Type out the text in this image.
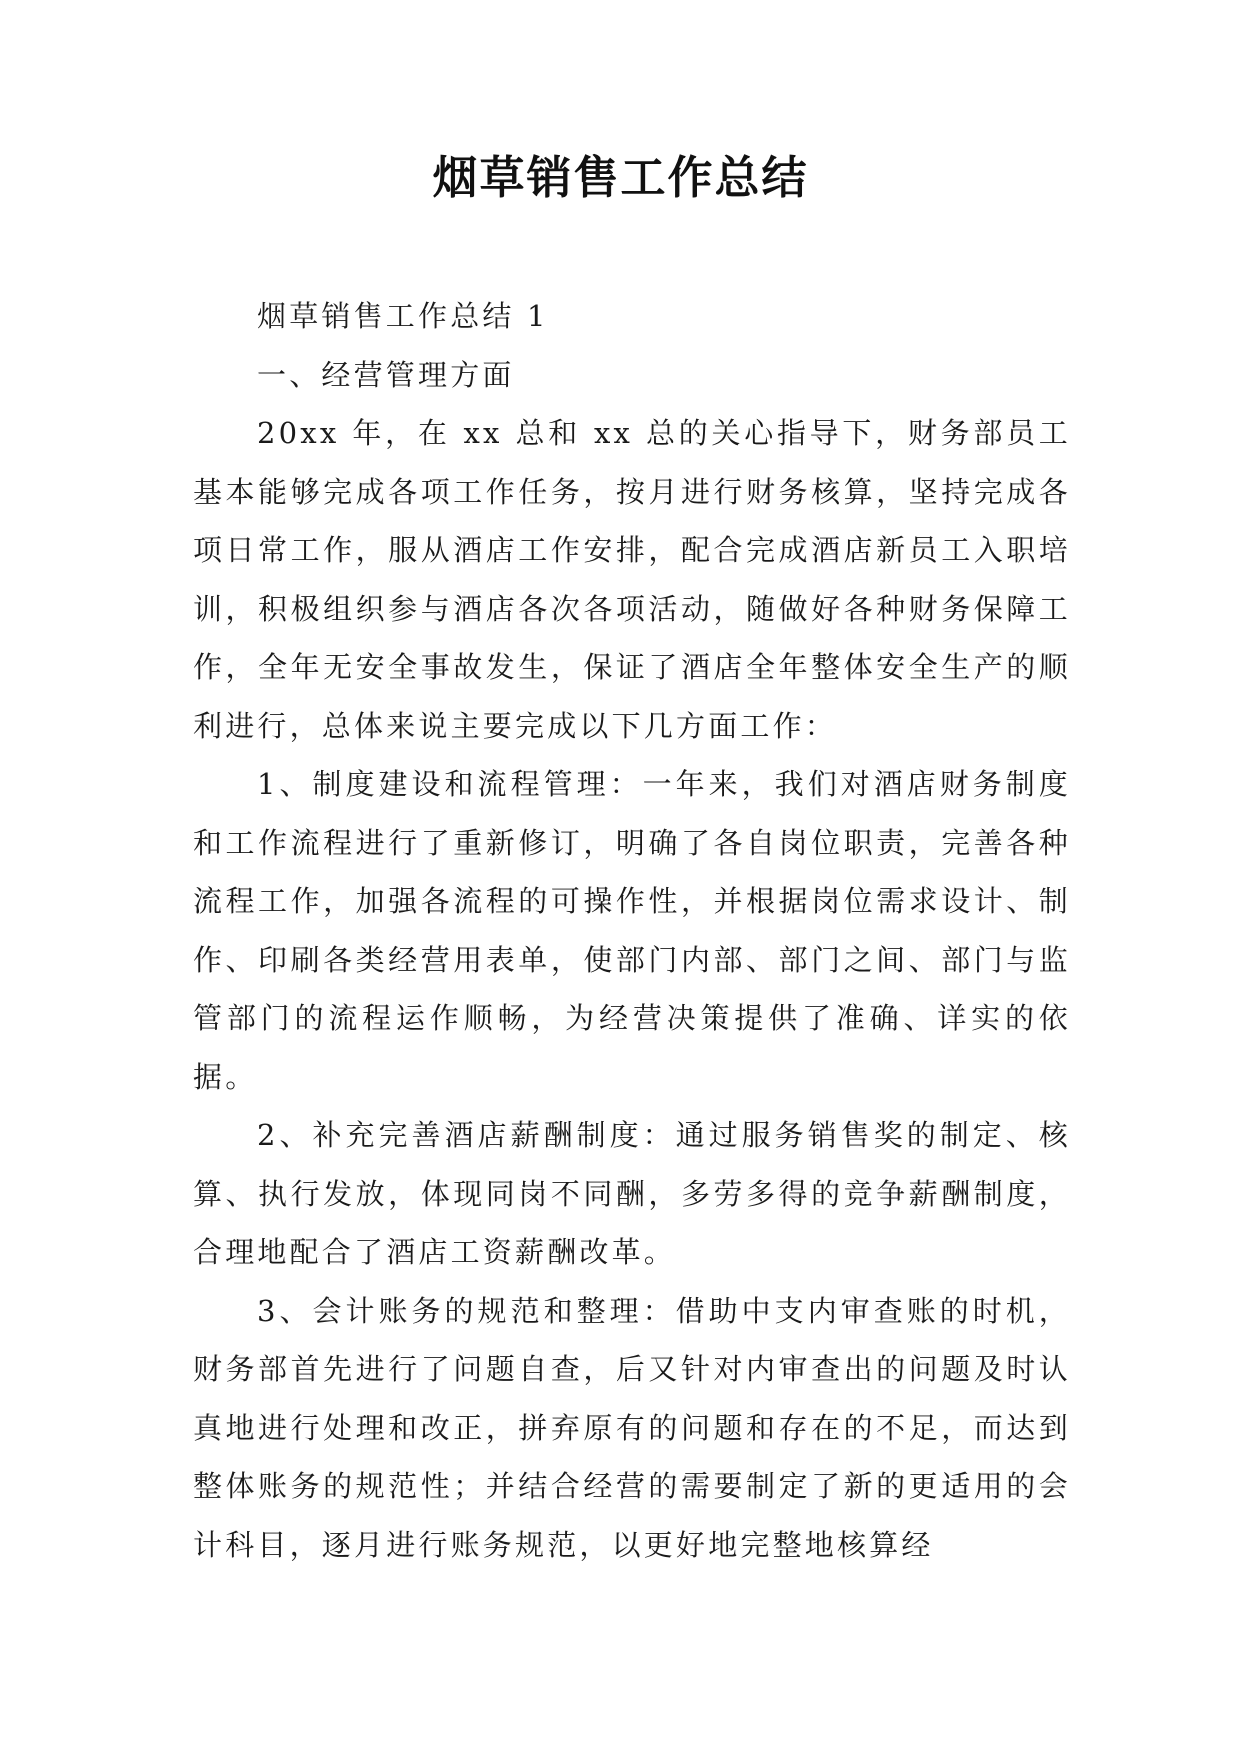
烟草销售工作总结

烟草销售工作总结 1

一、经营管理方面

20xx 年，在 xx 总和 xx 总的关心指导下，财务部员工基本能够完成各项工作任务，按月进行财务核算，坚持完成各项日常工作，服从酒店工作安排，配合完成酒店新员工入职培训，积极组织参与酒店各次各项活动，随做好各种财务保障工作，全年无安全事故发生，保证了酒店全年整体安全生产的顺利进行，总体来说主要完成以下几方面工作：

1、制度建设和流程管理：一年来，我们对酒店财务制度和工作流程进行了重新修订，明确了各自岗位职责，完善各种流程工作，加强各流程的可操作性，并根据岗位需求设计、制作、印刷各类经营用表单，使部门内部、部门之间、部门与监管部门的流程运作顺畅，为经营决策提供了准确、详实的依据。

2、补充完善酒店薪酬制度：通过服务销售奖的制定、核算、执行发放，体现同岗不同酬，多劳多得的竞争薪酬制度，合理地配合了酒店工资薪酬改革。

3、会计账务的规范和整理：借助中支内审查账的时机，财务部首先进行了问题自查，后又针对内审查出的问题及时认真地进行处理和改正，拼弃原有的问题和存在的不足，而达到整体账务的规范性；并结合经营的需要制定了新的更适用的会计科目，逐月进行账务规范，以更好地完整地核算经
